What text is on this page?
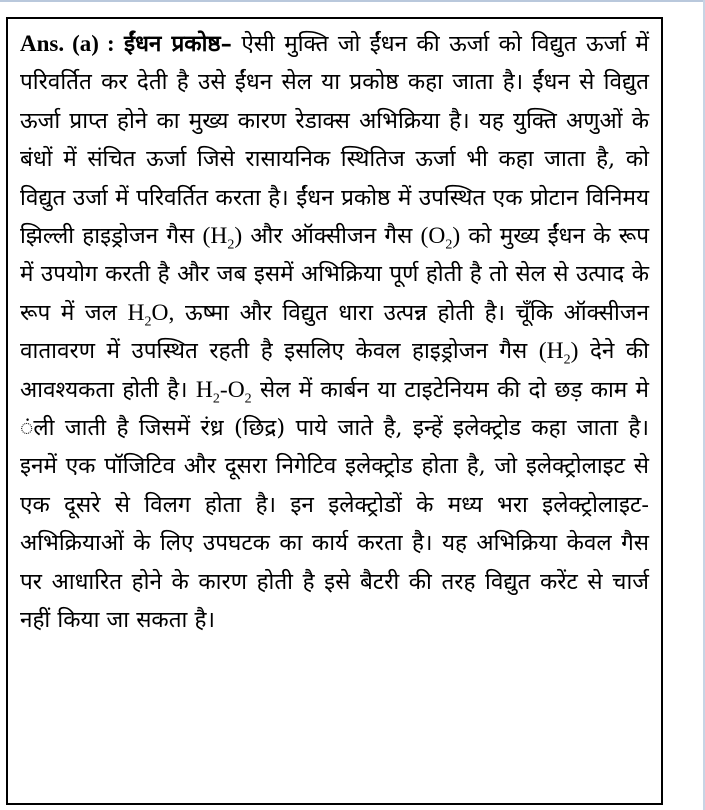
Ans. (a) : ईंधन प्रकोष्ठ– ऐसी मुक्ति जो ईंधन की ऊर्जा को विद्युत ऊर्जा में परिवर्तित कर देती है उसे ईंधन सेल या प्रकोष्ठ कहा जाता है। ईंधन से विद्युत ऊर्जा प्राप्त होने का मुख्य कारण रेडाक्स अभिक्रिया है। यह युक्ति अणुओं के बंधों में संचित ऊर्जा जिसे रासायनिक स्थितिज ऊर्जा भी कहा जाता है, को विद्युत उर्जा में परिवर्तित करता है। ईंधन प्रकोष्ठ में उपस्थित एक प्रोटान विनिमय झिल्ली हाइड्रोजन गैस $(H_2)$ और ऑक्सीजन गैस $(O_2)$ को मुख्य ईंधन के रूप में उपयोग करती है और जब इसमें अभिक्रिया पूर्ण होती है तो सेल से उत्पाद के रूप में जल $H_2O$, ऊष्मा और विद्युत धारा उत्पन्न होती है। चूँकि ऑक्सीजन वातावरण में उपस्थित रहती है इसलिए केवल हाइड्रोजन गैस $(H_2)$ देने की आवश्यकता होती है। $H_2-O_2$ सेल में कार्बन या टाइटेनियम की दो छड़ काम मे ंली जाती है जिसमें रंध्र (छिद्र) पाये जाते है, इन्हें इलेक्ट्रोड कहा जाता है। इनमें एक पॉजिटिव और दूसरा निगेटिव इलेक्ट्रोड होता है, जो इलेक्ट्रोलाइट से एक दूसरे से विलग होता है। इन इलेक्ट्रोडों के मध्य भरा इलेक्ट्रोलाइट-अभिक्रियाओं के लिए उपघटक का कार्य करता है। यह अभिक्रिया केवल गैस पर आधारित होने के कारण होती है इसे बैटरी की तरह विद्युत करेंट से चार्ज नहीं किया जा सकता है।
